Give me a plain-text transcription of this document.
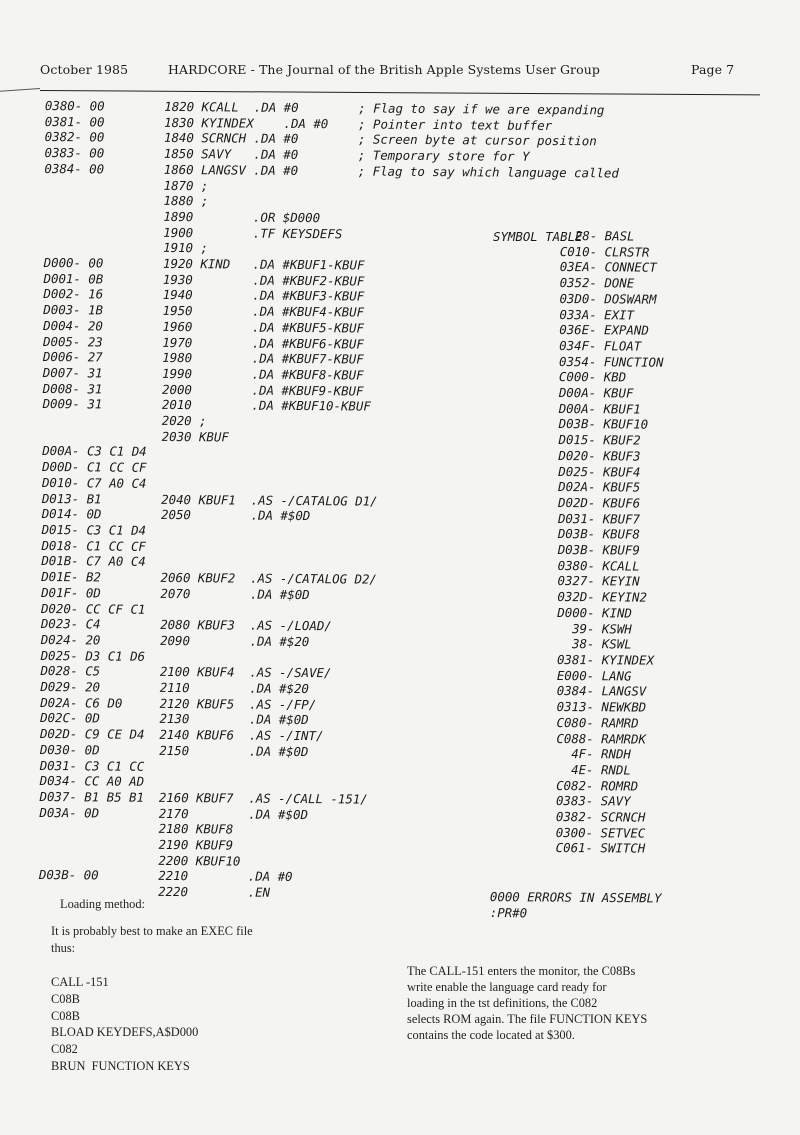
October 1985	HARDCORE - The Journal of the British Apple Systems User Group	Page 7
0380- 00        1820 KCALL  .DA #0        ; Flag to say if we are expanding
0381- 00        1830 KYINDEX    .DA #0    ; Pointer into text buffer
0382- 00        1840 SCRNCH .DA #0        ; Screen byte at cursor position
0383- 00        1850 SAVY   .DA #0        ; Temporary store for Y
0384- 00        1860 LANGSV .DA #0        ; Flag to say which language called
1870 ;
1880 ;
1890        .OR $D000
1900        .TF KEYSDEFS
1910 ;
D000- 00        1920 KIND   .DA #KBUF1-KBUF
D001- 0B        1930        .DA #KBUF2-KBUF
D002- 16        1940        .DA #KBUF3-KBUF
D003- 1B        1950        .DA #KBUF4-KBUF
D004- 20        1960        .DA #KBUF5-KBUF
D005- 23        1970        .DA #KBUF6-KBUF
D006- 27        1980        .DA #KBUF7-KBUF
D007- 31        1990        .DA #KBUF8-KBUF
D008- 31        2000        .DA #KBUF9-KBUF
D009- 31        2010        .DA #KBUF10-KBUF
2020 ;
2030 KBUF
D00A- C3 C1 D4
D00D- C1 CC CF
D010- C7 A0 C4
D013- B1        2040 KBUF1  .AS -/CATALOG D1/
D014- 0D        2050        .DA #$0D
D015- C3 C1 D4
D018- C1 CC CF
D01B- C7 A0 C4
D01E- B2        2060 KBUF2  .AS -/CATALOG D2/
D01F- 0D        2070        .DA #$0D
D020- CC CF C1
D023- C4        2080 KBUF3  .AS -/LOAD/
D024- 20        2090        .DA #$20
D025- D3 C1 D6
D028- C5        2100 KBUF4  .AS -/SAVE/
D029- 20        2110        .DA #$20
D02A- C6 D0     2120 KBUF5  .AS -/FP/
D02C- 0D        2130        .DA #$0D
D02D- C9 CE D4  2140 KBUF6  .AS -/INT/
D030- 0D        2150        .DA #$0D
D031- C3 C1 CC
D034- CC A0 AD
D037- B1 B5 B1  2160 KBUF7  .AS -/CALL -151/
D03A- 0D        2170        .DA #$0D
2180 KBUF8
2190 KBUF9
2200 KBUF10
D03B- 00        2210        .DA #0
2220        .EN
SYMBOL TABLE
28- BASL
C010- CLRSTR
03EA- CONNECT
0352- DONE
03D0- DOSWARM
033A- EXIT
036E- EXPAND
034F- FLOAT
0354- FUNCTION
C000- KBD
D00A- KBUF
D00A- KBUF1
D03B- KBUF10
D015- KBUF2
D020- KBUF3
D025- KBUF4
D02A- KBUF5
D02D- KBUF6
D031- KBUF7
D03B- KBUF8
D03B- KBUF9
0380- KCALL
0327- KEYIN
032D- KEYIN2
D000- KIND
39- KSWH
38- KSWL
0381- KYINDEX
E000- LANG
0384- LANGSV
0313- NEWKBD
C080- RAMRD
C088- RAMRDK
4F- RNDH
4E- RNDL
C082- ROMRD
0383- SAVY
0382- SCRNCH
0300- SETVEC
C061- SWITCH
0000 ERRORS IN ASSEMBLY
:PR#0
Loading method:
It is probably best to make an EXEC file
thus:
CALL -151
C08B
C08B
BLOAD KEYDEFS,A$D000
C082
BRUN  FUNCTION KEYS
The CALL-151 enters the monitor, the C08Bs
write enable the language card ready for
loading in the tst definitions, the C082
selects ROM again. The file FUNCTION KEYS
contains the code located at $300.
